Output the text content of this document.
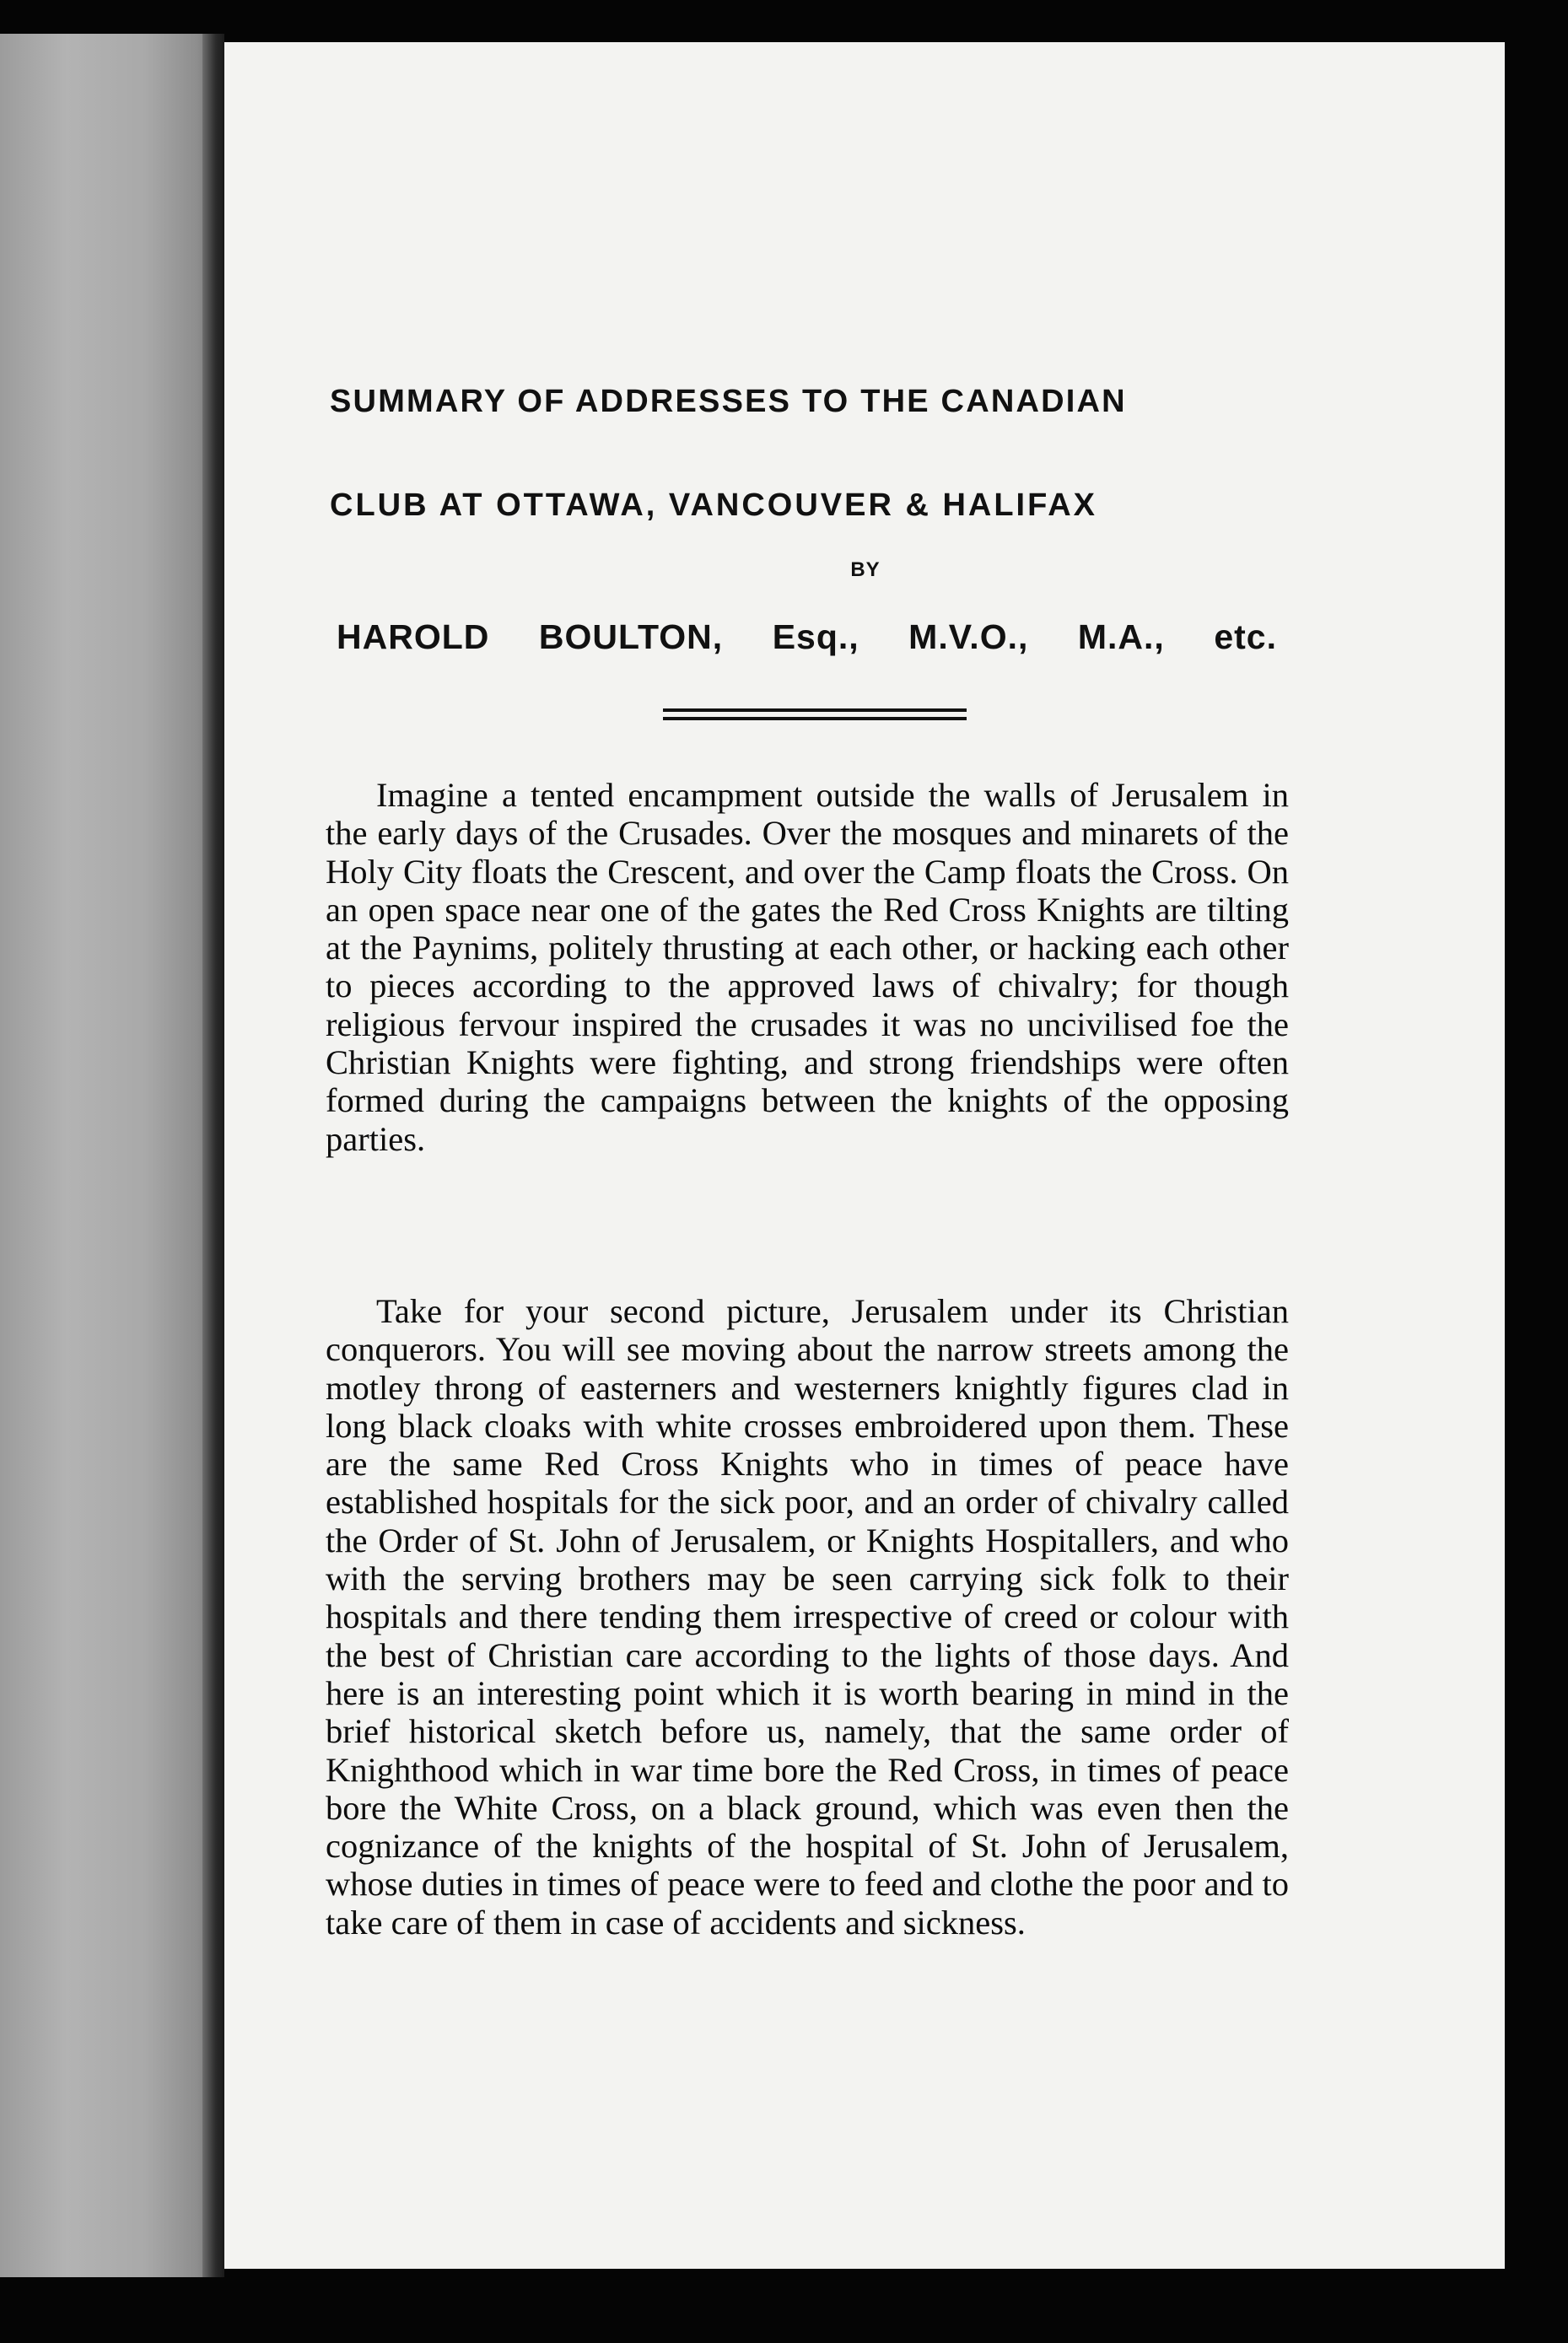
SUMMARY OF ADDRESSES TO THE CANADIAN
CLUB AT OTTAWA, VANCOUVER & HALIFAX
BY
HAROLD BOULTON, Esq., M.V.O., M.A., etc.

Imagine a tented encampment outside the walls of Jerusalem in the early days of the Crusades. Over the mosques and minarets of the Holy City floats the Crescent, and over the Camp floats the Cross. On an open space near one of the gates the Red Cross Knights are tilting at the Paynims, politely thrusting at each other, or hacking each other to pieces according to the approved laws of chivalry; for though religious fervour inspired the crusades it was no uncivilised foe the Christian Knights were fighting, and strong friendships were often formed during the campaigns between the knights of the opposing parties.

Take for your second picture, Jerusalem under its Christian conquerors. You will see moving about the narrow streets among the motley throng of easterners and westerners knightly figures clad in long black cloaks with white crosses embroidered upon them. These are the same Red Cross Knights who in times of peace have established hospitals for the sick poor, and an order of chivalry called the Order of St. John of Jerusalem, or Knights Hospitallers, and who with the serving brothers may be seen carrying sick folk to their hospitals and there tending them irrespective of creed or colour with the best of Christian care according to the lights of those days. And here is an interesting point which it is worth bearing in mind in the brief historical sketch before us, namely, that the same order of Knighthood which in war time bore the Red Cross, in times of peace bore the White Cross, on a black ground, which was even then the cognizance of the knights of the hospital of St. John of Jerusalem, whose duties in times of peace were to feed and clothe the poor and to take care of them in case of accidents and sickness.
